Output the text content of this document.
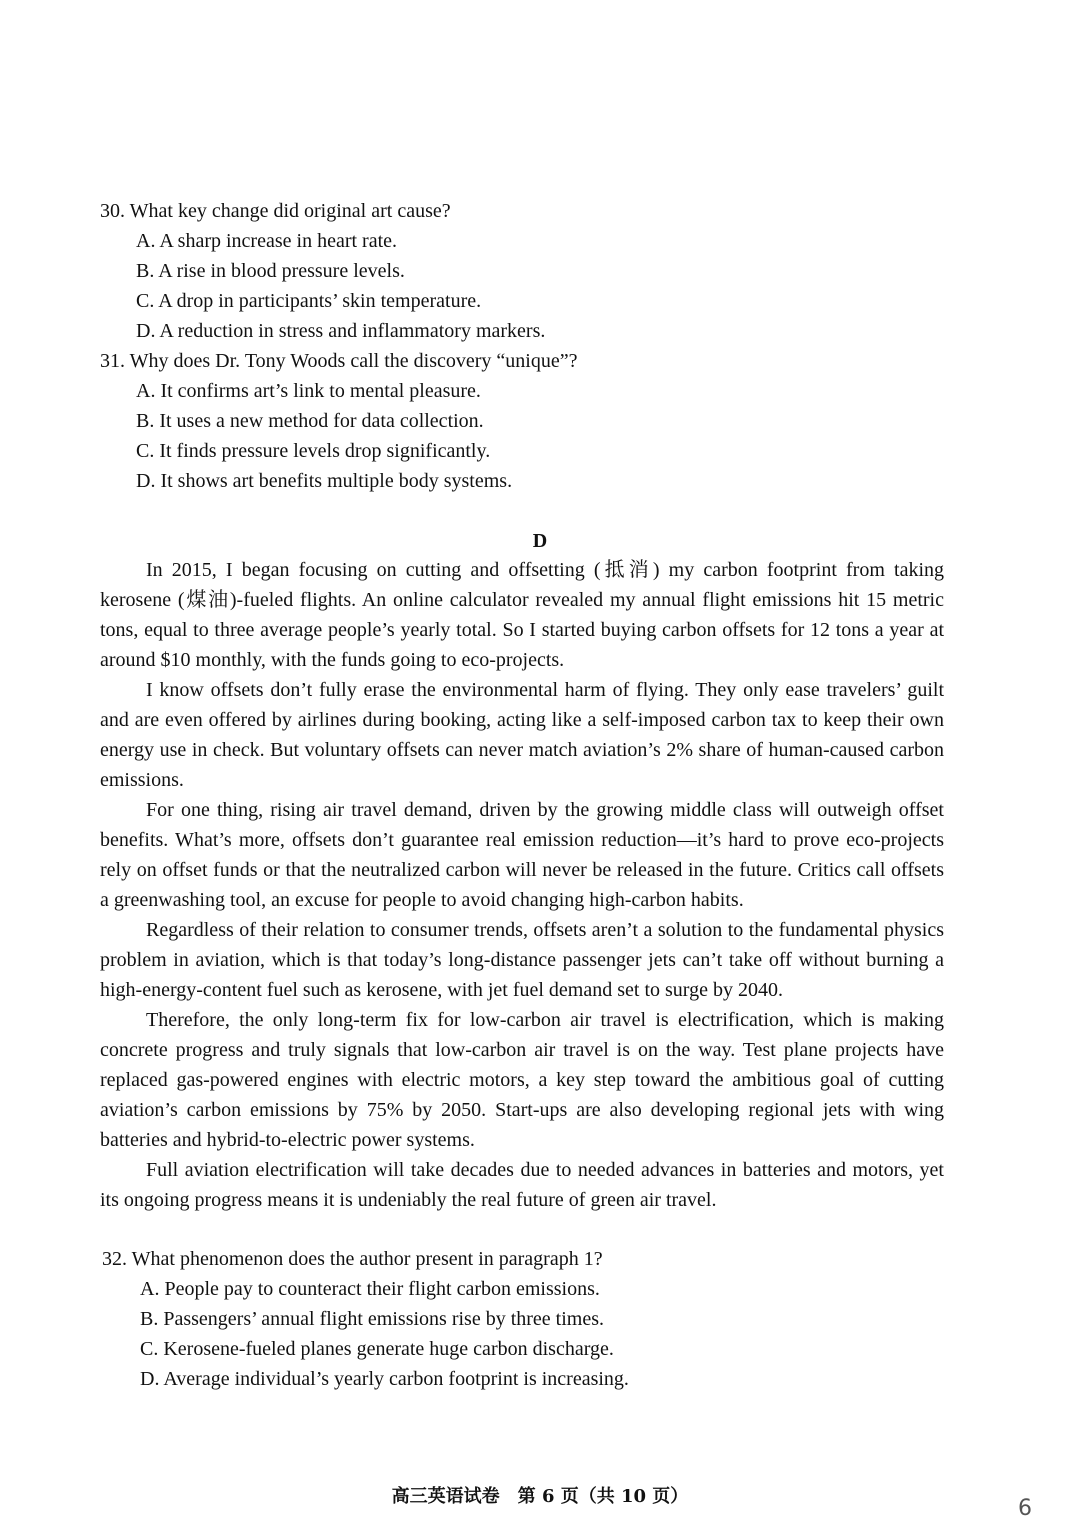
30. What key change did original art cause?
A. A sharp increase in heart rate.
B. A rise in blood pressure levels.
C. A drop in participants’ skin temperature.
D. A reduction in stress and inflammatory markers.
31. Why does Dr. Tony Woods call the discovery “unique”?
A. It confirms art’s link to mental pleasure.
B. It uses a new method for data collection.
C. It finds pressure levels drop significantly.
D. It shows art benefits multiple body systems.
D

In 2015, I began focusing on cutting and offsetting (抵消) my carbon footprint from taking kerosene (煤油)-fueled flights. An online calculator revealed my annual flight emissions hit 15 metric tons, equal to three average people’s yearly total. So I started buying carbon offsets for 12 tons a year at around $10 monthly, with the funds going to eco-projects.

I know offsets don’t fully erase the environmental harm of flying. They only ease travelers’ guilt and are even offered by airlines during booking, acting like a self-imposed carbon tax to keep their own energy use in check. But voluntary offsets can never match aviation’s 2% share of human-caused carbon emissions.

For one thing, rising air travel demand, driven by the growing middle class will outweigh offset benefits. What’s more, offsets don’t guarantee real emission reduction—it’s hard to prove eco-projects rely on offset funds or that the neutralized carbon will never be released in the future. Critics call offsets a greenwashing tool, an excuse for people to avoid changing high-carbon habits.

Regardless of their relation to consumer trends, offsets aren’t a solution to the fundamental physics problem in aviation, which is that today’s long-distance passenger jets can’t take off without burning a high-energy-content fuel such as kerosene, with jet fuel demand set to surge by 2040.

Therefore, the only long-term fix for low-carbon air travel is electrification, which is making concrete progress and truly signals that low-carbon air travel is on the way. Test plane projects have replaced gas-powered engines with electric motors, a key step toward the ambitious goal of cutting aviation’s carbon emissions by 75% by 2050. Start-ups are also developing regional jets with wing batteries and hybrid-to-electric power systems.

Full aviation electrification will take decades due to needed advances in batteries and motors, yet its ongoing progress means it is undeniably the real future of green air travel.

32. What phenomenon does the author present in paragraph 1?
A. People pay to counteract their flight carbon emissions.
B. Passengers’ annual flight emissions rise by three times.
C. Kerosene-fueled planes generate huge carbon discharge.
D. Average individual’s yearly carbon footprint is increasing.
高三英语试卷　第 6 页（共 10 页）	6
